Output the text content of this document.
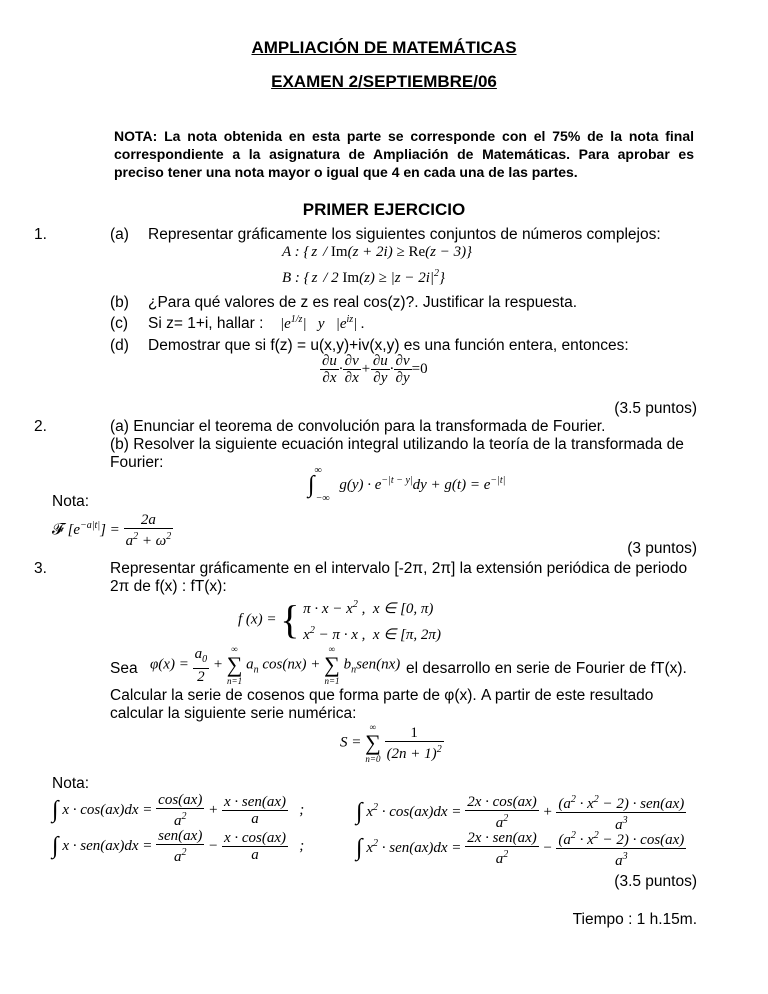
AMPLIACIÓN DE MATEMÁTICAS
EXAMEN 2/SEPTIEMBRE/06
NOTA: La nota obtenida en esta parte se corresponde con el 75% de la nota final correspondiente a la asignatura de Ampliación de Matemáticas. Para aprobar es preciso tener una nota mayor o igual que 4 en cada una de las partes.
PRIMER EJERCICIO
1.	(a) Representar gráficamente los siguientes conjuntos de números complejos:
A : { z / Im(z + 2i) ≥ Re(z − 3)}
B : { z / 2 $Im(z) \ge |z - 2i|^2$}
(b) ¿Para qué valores de z es real cos(z)?. Justificar la respuesta.
(c) Si z= 1+i, hallar : $|e^{1/z}|$   y   $|e^{iz}|$ .
(d) Demostrar que si f(z) = u(x,y)+iv(x,y) es una función entera, entonces:
$\frac{\partial u}{\partial x} \cdot \frac{\partial v}{\partial x} + \frac{\partial u}{\partial y} \cdot \frac{\partial v}{\partial y} =0$
(3.5 puntos)
2.	(a) Enunciar el teorema de convolución para la transformada de Fourier.
(b) Resolver la siguiente ecuación integral utilizando la teoría de la transformada de
Fourier:
$\int^\infty_{-\infty}$ $g(y) \cdot e^{-|t - y|}dy + g(t) = e^{-|t|}$
Nota:
𝓕 $[e^{-a|t|}] = \frac{2a}{a^2 + \omega^2}$	(3 puntos)
3.	Representar gráficamente en el intervalo [-2π, 2π] la extensión periódica de periodo
2π de f(x) : fT(x):
f (x) = { $\pi \cdot x - x^2$ ,  x ∈ [0, π)
$x^2 - \pi \cdot x$ ,  x ∈ [π, 2π)
Sea $\varphi(x) = \frac{a_0}{2}$ +
∞
∑
n=1
$a_n$ cos(nx) +
∞
∑
n=1
$b_nsen(nx)$ el desarrollo en serie de Fourier de fT(x).
Calcular la serie de cosenos que forma parte de φ(x). A partir de este resultado
calcular la siguiente serie numérica:
S =
∞
∑
n=0
$\frac{1}{(2n + 1)^2}$
Nota:
∫ $x \cdot \cos(ax)dx = \frac{\cos(ax)}{a^2} + \frac{\text{x · sen(ax)}}{a}$ ; ∫ $x^2 \cdot \cos(ax)dx = \frac{2x \cdot \cos(ax)}{a^2} + \frac{(a^2 \cdot x^2 - 2) \cdot sen(ax)}{a^3}$
∫ $x \cdot sen(ax)dx = \frac{\text{sen(ax)}}{a^2} - \frac{x \cdot \cos(ax)}{a}$ ; ∫ $x^2 \cdot sen(ax)dx = \frac{\text{2x · sen(ax)}}{a^2} - \frac{(a^2 \cdot x^2 - 2) \cdot \cos(ax)}{a^3}$
(3.5 puntos)
Tiempo : 1 h.15m.
